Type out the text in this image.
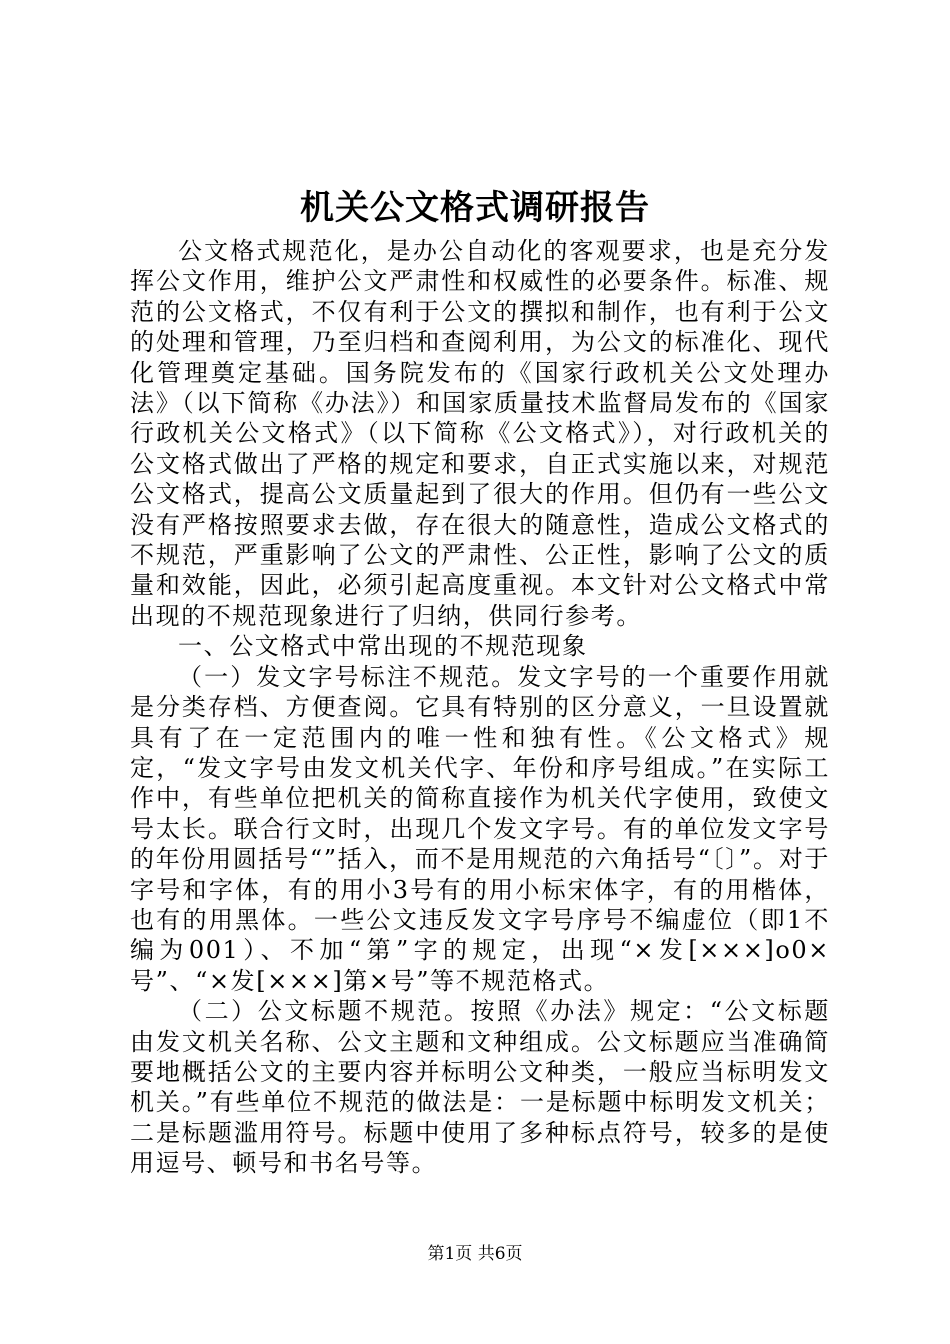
机关公文格式调研报告

公文格式规范化，是办公自动化的客观要求，也是充分发挥公文作用，维护公文严肃性和权威性的必要条件。标准、规范的公文格式，不仅有利于公文的撰拟和制作，也有利于公文的处理和管理，乃至归档和查阅利用，为公文的标准化、现代化管理奠定基础。国务院发布的《国家行政机关公文处理办法》（以下简称《办法》）和国家质量技术监督局发布的《国家行政机关公文格式》（以下简称《公文格式》），对行政机关的公文格式做出了严格的规定和要求，自正式实施以来，对规范公文格式，提高公文质量起到了很大的作用。但仍有一些公文没有严格按照要求去做，存在很大的随意性，造成公文格式的不规范，严重影响了公文的严肃性、公正性，影响了公文的质量和效能，因此，必须引起高度重视。本文针对公文格式中常出现的不规范现象进行了归纳，供同行参考。

一、公文格式中常出现的不规范现象

（一）发文字号标注不规范。发文字号的一个重要作用就是分类存档、方便查阅。它具有特别的区分意义，一旦设置就具有了在一定范围内的唯一性和独有性。《公文格式》规定，“发文字号由发文机关代字、年份和序号组成。”在实际工作中，有些单位把机关的简称直接作为机关代字使用，致使文号太长。联合行文时，出现几个发文字号。有的单位发文字号的年份用圆括号“”括入，而不是用规范的六角括号“〔〕”。对于字号和字体，有的用小3号有的用小标宋体字，有的用楷体，也有的用黑体。一些公文违反发文字号序号不编虚位（即1不编为001）、不加“第”字的规定，出现“×发[×××]o0×号”、“×发[×××]第×号”等不规范格式。

（二）公文标题不规范。按照《办法》规定：“公文标题由发文机关名称、公文主题和文种组成。公文标题应当准确简要地概括公文的主要内容并标明公文种类，一般应当标明发文机关。”有些单位不规范的做法是：一是标题中标明发文机关；二是标题滥用符号。标题中使用了多种标点符号，较多的是使用逗号、顿号和书名号等。

第1页 共6页
